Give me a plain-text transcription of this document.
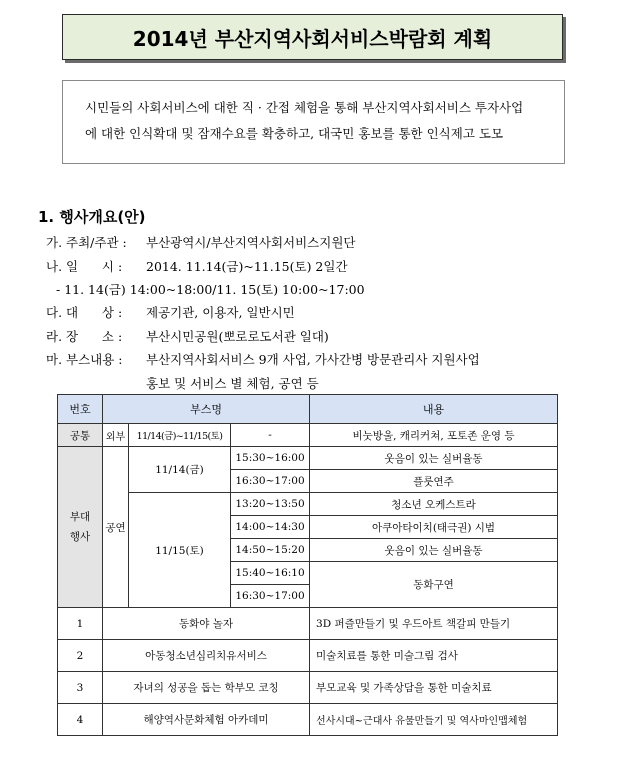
2014년 부산지역사회서비스박람회 계획
시민들의 사회서비스에 대한 직 · 간접 체험을 통해 부산지역사회서비스 투자사업
에 대한 인식확대 및 잠재수요를 확충하고, 대국민 홍보를 통한 인식제고 도모
1. 행사개요(안)
가. 주최/주관 : 부산광역시/부산지역사회서비스지원단
나. 일      시 : 2014. 11.14(금)~11.15(토) 2일간
- 11. 14(금) 14:00~18:00/11. 15(토) 10:00~17:00
다. 대      상 : 제공기관, 이용자, 일반시민
라. 장      소 : 부산시민공원(뽀로로도서관 일대)
마. 부스내용 : 부산지역사회서비스 9개 사업, 가사간병 방문관리사 지원사업
홍보 및 서비스 별 체험, 공연 등
번호	부스명			내용
공통	외부	11/14(금)~11/15(토)	-	비눗방울, 캐리커쳐, 포토존 운영 등
부대
행사	공연	11/14(금)	15:30~16:00	웃음이 있는 실버율동
			16:30~17:00	플룻연주
		11/15(토)	13:20~13:50	청소년 오케스트라
			14:00~14:30	아쿠아타이치(태극권) 시범
			14:50~15:20	웃음이 있는 실버율동
			15:40~16:10	동화구연
			16:30~17:00	
1	동화야 놀자			3D 퍼즐만들기 및 우드아트 책갈피 만들기
2	아동청소년심리치유서비스			미술치료를 통한 미술그림 검사
3	자녀의 성공을 돕는 학부모 코칭			부모교육 및 가족상담을 통한 미술치료
4	해양역사문화체험 아카데미			선사시대~근대사 유물만들기 및 역사마인맵체험
